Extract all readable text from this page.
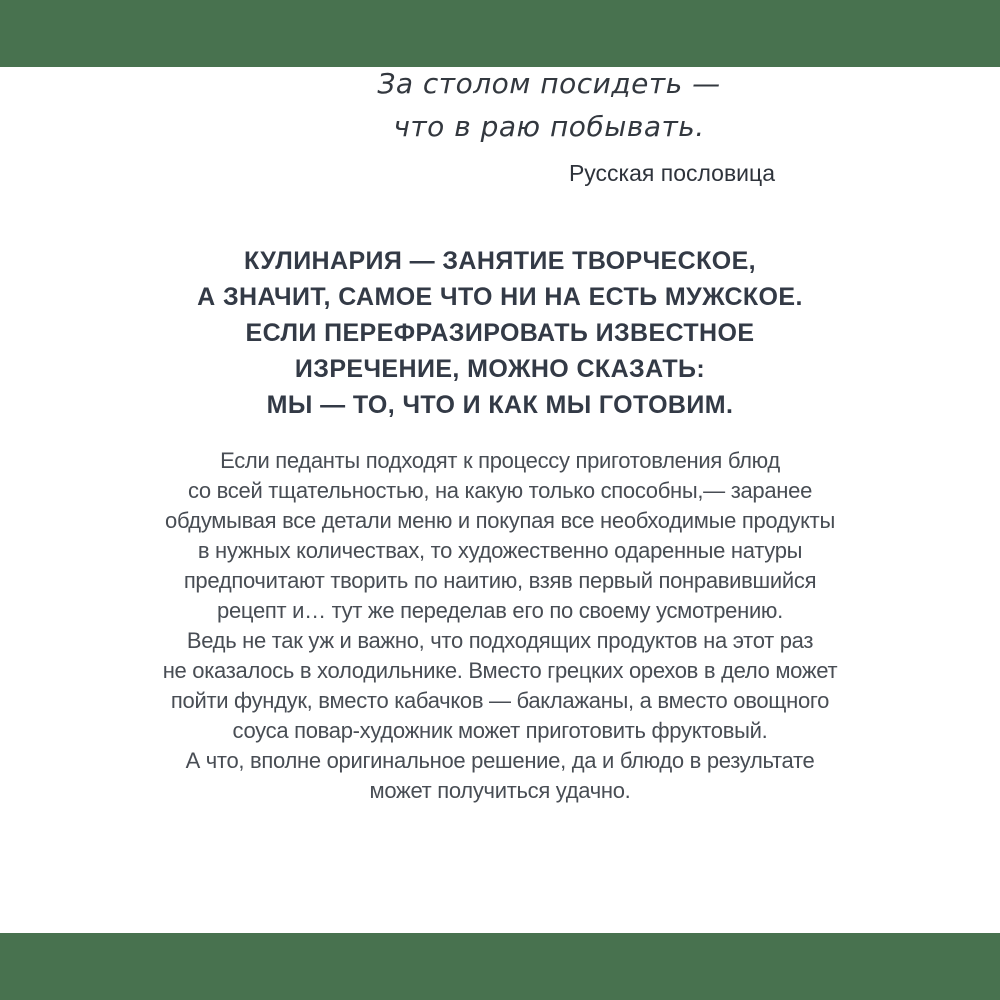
За столом посидеть —
что в раю побывать.
Русская пословица
КУЛИНАРИЯ — ЗАНЯТИЕ ТВОРЧЕСКОЕ,
А ЗНАЧИТ, САМОЕ ЧТО НИ НА ЕСТЬ МУЖСКОЕ.
ЕСЛИ ПЕРЕФРАЗИРОВАТЬ ИЗВЕСТНОЕ
ИЗРЕЧЕНИЕ, МОЖНО СКАЗАТЬ:
МЫ — ТО, ЧТО И КАК МЫ ГОТОВИМ.
Если педанты подходят к процессу приготовления блюд
со всей тщательностью, на какую только способны,— заранее
обдумывая все детали меню и покупая все необходимые продукты
в нужных количествах, то художественно одаренные натуры
предпочитают творить по наитию, взяв первый понравившийся
рецепт и… тут же переделав его по своему усмотрению.
Ведь не так уж и важно, что подходящих продуктов на этот раз
не оказалось в холодильнике. Вместо грецких орехов в дело может
пойти фундук, вместо кабачков — баклажаны, а вместо овощного
соуса повар-художник может приготовить фруктовый.
А что, вполне оригинальное решение, да и блюдо в результате
может получиться удачно.
